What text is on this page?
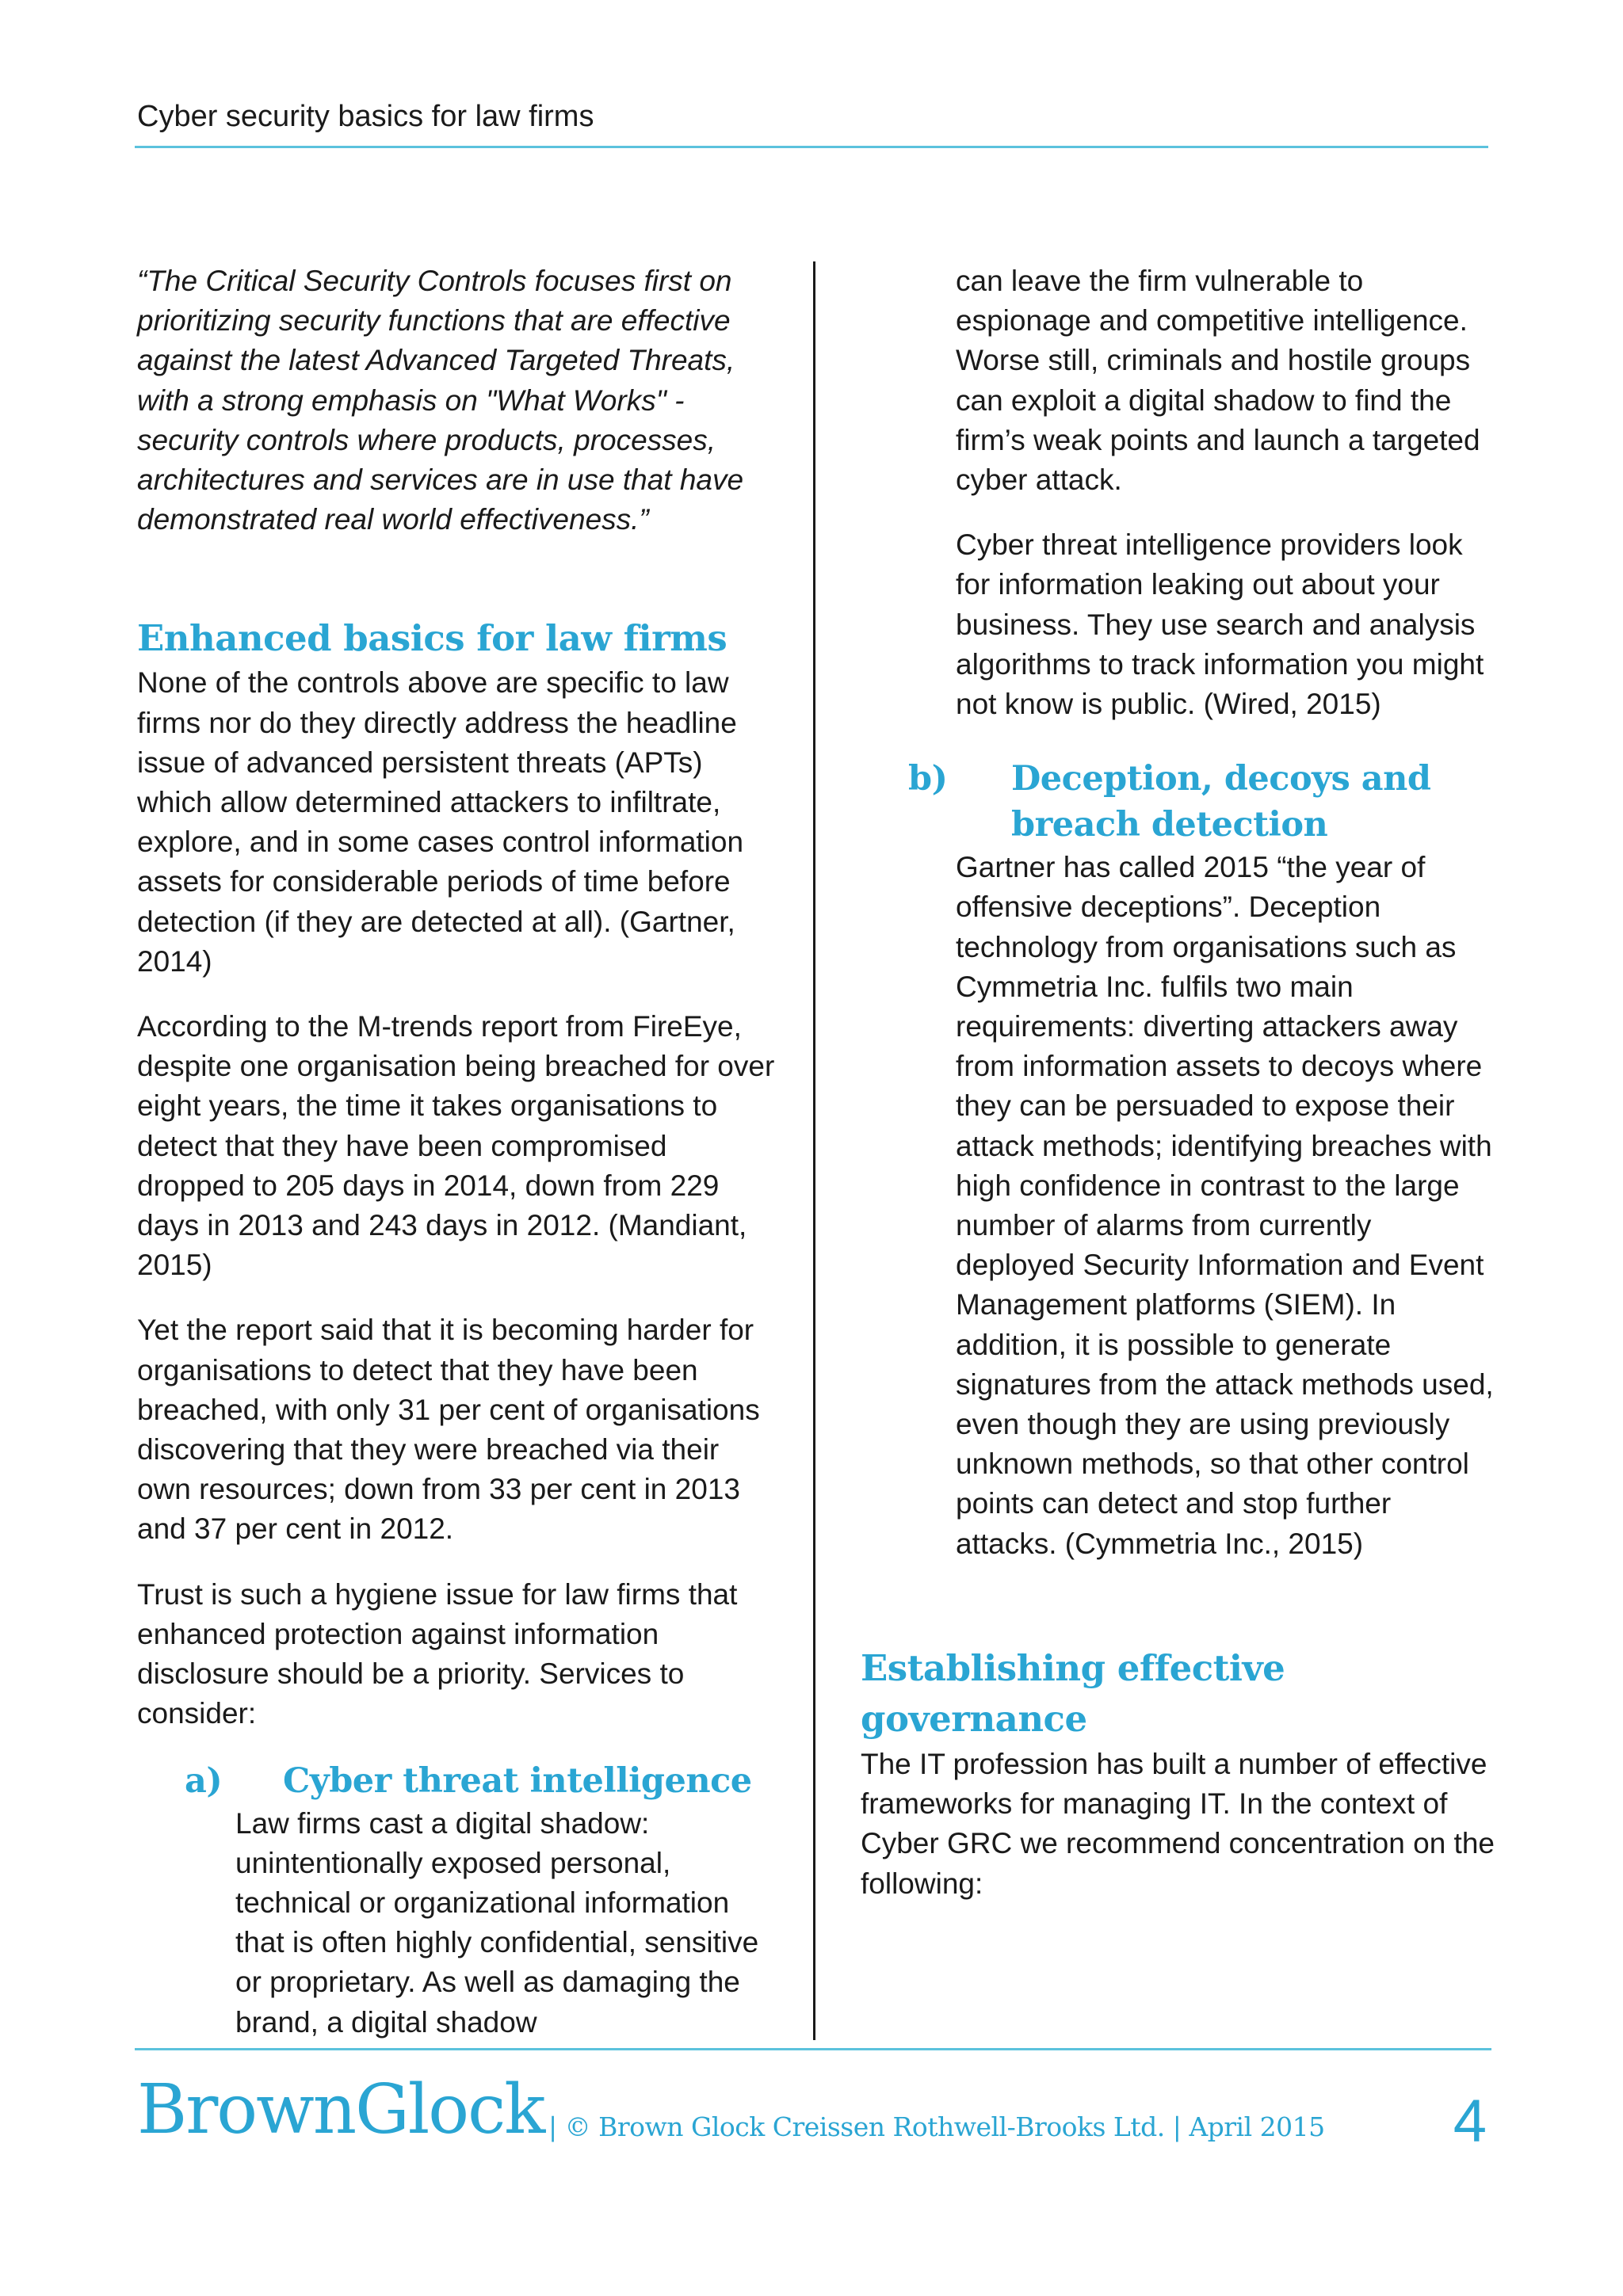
Cyber security basics for law firms

“The Critical Security Controls focuses first on prioritizing security functions that are effective against the latest Advanced Targeted Threats, with a strong emphasis on "What Works" - security controls where products, processes, architectures and services are in use that have demonstrated real world effectiveness.”

Enhanced basics for law firms

None of the controls above are specific to law firms nor do they directly address the headline issue of advanced persistent threats (APTs) which allow determined attackers to infiltrate, explore, and in some cases control information assets for considerable periods of time before detection (if they are detected at all). (Gartner, 2014)

According to the M-trends report from FireEye, despite one organisation being breached for over eight years, the time it takes organisations to detect that they have been compromised dropped to 205 days in 2014, down from 229 days in 2013 and 243 days in 2012. (Mandiant, 2015)

Yet the report said that it is becoming harder for organisations to detect that they have been breached, with only 31 per cent of organisations discovering that they were breached via their own resources; down from 33 per cent in 2013 and 37 per cent in 2012.

Trust is such a hygiene issue for law firms that enhanced protection against information disclosure should be a priority. Services to consider:

a)	Cyber threat intelligence

Law firms cast a digital shadow: unintentionally exposed personal, technical or organizational information that is often highly confidential, sensitive or proprietary. As well as damaging the brand, a digital shadow

can leave the firm vulnerable to espionage and competitive intelligence. Worse still, criminals and hostile groups can exploit a digital shadow to find the firm’s weak points and launch a targeted cyber attack.

Cyber threat intelligence providers look for information leaking out about your business. They use search and analysis algorithms to track information you might not know is public. (Wired, 2015)

b)	Deception, decoys and breach detection

Gartner has called 2015 “the year of offensive deceptions”. Deception technology from organisations such as Cymmetria Inc. fulfils two main requirements: diverting attackers away from information assets to decoys where they can be persuaded to expose their attack methods; identifying breaches with high confidence in contrast to the large number of alarms from currently deployed Security Information and Event Management platforms (SIEM). In addition, it is possible to generate signatures from the attack methods used, even though they are using previously unknown methods, so that other control points can detect and stop further attacks. (Cymmetria Inc., 2015)

Establishing effective governance

The IT profession has built a number of effective frameworks for managing IT. In the context of Cyber GRC we recommend concentration on the following:

BrownGlock | © Brown Glock Creissen Rothwell-Brooks Ltd. | April 2015 4
